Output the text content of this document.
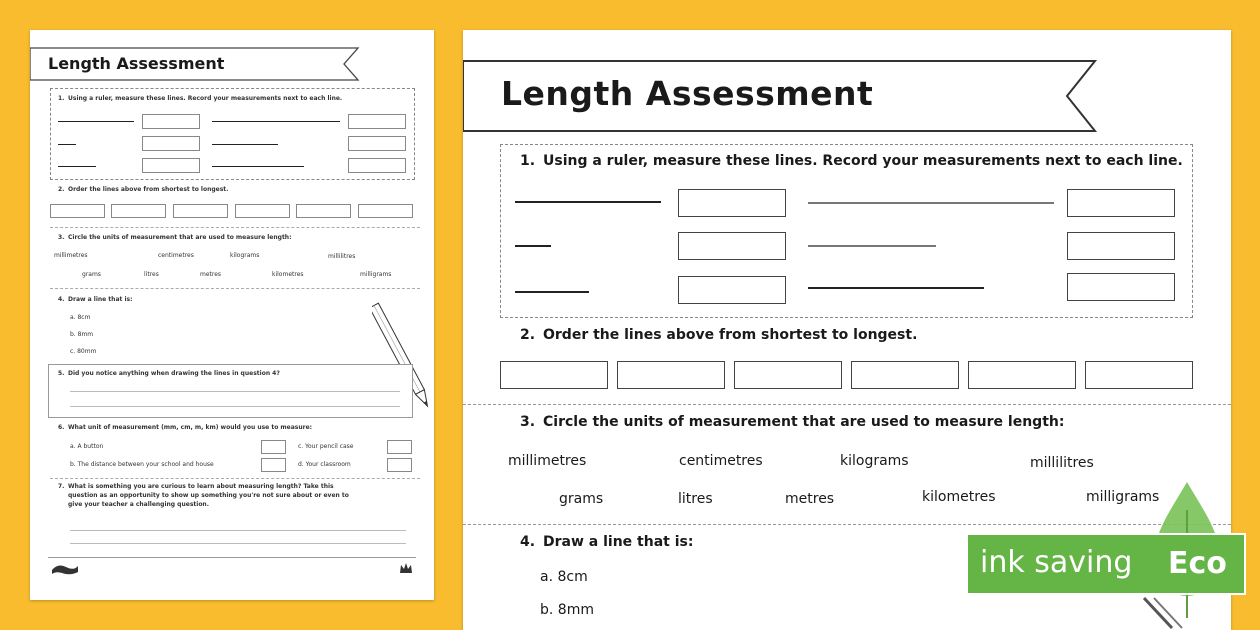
Length Assessment
1. Using a ruler, measure these lines. Record your measurements next to each line.
2. Order the lines above from shortest to longest.
3. Circle the units of measurement that are used to measure length:
millimetres	centimetres	kilograms	millilitres
grams	litres	metres	kilometres	milligrams
4. Draw a line that is:
a. 8cm
b. 8mm
c. 80mm
5. Did you notice anything when drawing the lines in question 4?
6. What unit of measurement (mm, cm, m, km) would you use to measure:
a. A button	c. Your pencil case
b. The distance between your school and house	d. Your classroom
7. What is something you are curious to learn about measuring length? Take this
question as an opportunity to show up something you're not sure about or even to
give your teacher a challenging question.
Length Assessment
1. Using a ruler, measure these lines. Record your measurements next to each line.
2. Order the lines above from shortest to longest.
3. Circle the units of measurement that are used to measure length:
millimetres	centimetres	kilograms	millilitres
grams	litres	metres	kilometres	milligrams
4. Draw a line that is:
a. 8cm
b. 8mm
ink saving Eco
